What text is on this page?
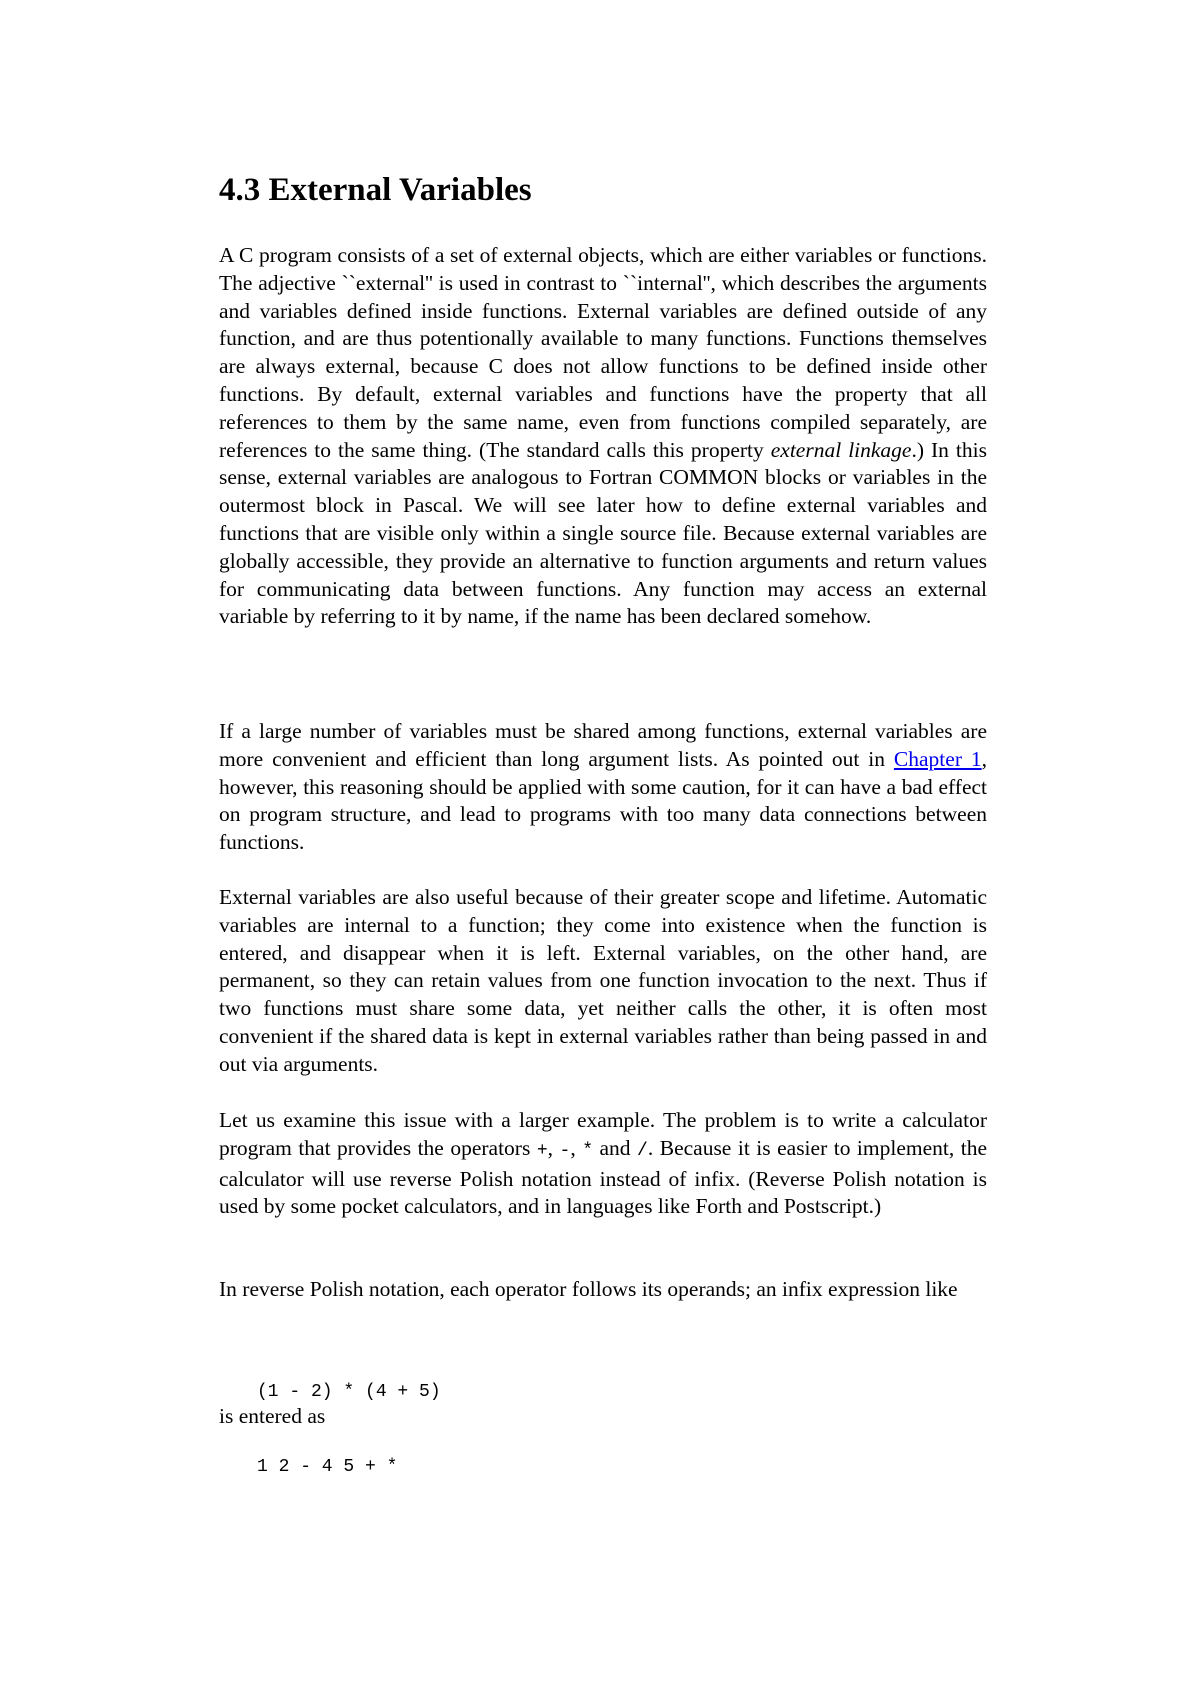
4.3 External Variables

A C program consists of a set of external objects, which are either variables or functions. The adjective ``external'' is used in contrast to ``internal'', which describes the arguments and variables defined inside functions. External variables are defined outside of any function, and are thus potentionally available to many functions. Functions themselves are always external, because C does not allow functions to be defined inside other functions. By default, external variables and functions have the property that all references to them by the same name, even from functions compiled separately, are references to the same thing. (The standard calls this property external linkage.) In this sense, external variables are analogous to Fortran COMMON blocks or variables in the outermost block in Pascal. We will see later how to define external variables and functions that are visible only within a single source file. Because external variables are globally accessible, they provide an alternative to function arguments and return values for communicating data between functions. Any function may access an external variable by referring to it by name, if the name has been declared somehow.

If a large number of variables must be shared among functions, external variables are more convenient and efficient than long argument lists. As pointed out in Chapter 1, however, this reasoning should be applied with some caution, for it can have a bad effect on program structure, and lead to programs with too many data connections between functions.

External variables are also useful because of their greater scope and lifetime. Automatic variables are internal to a function; they come into existence when the function is entered, and disappear when it is left. External variables, on the other hand, are permanent, so they can retain values from one function invocation to the next. Thus if two functions must share some data, yet neither calls the other, it is often most convenient if the shared data is kept in external variables rather than being passed in and out via arguments.

Let us examine this issue with a larger example. The problem is to write a calculator program that provides the operators +, -, * and /. Because it is easier to implement, the calculator will use reverse Polish notation instead of infix. (Reverse Polish notation is used by some pocket calculators, and in languages like Forth and Postscript.)

In reverse Polish notation, each operator follows its operands; an infix expression like

(1 - 2) * (4 + 5)

is entered as

1 2 - 4 5 + *
